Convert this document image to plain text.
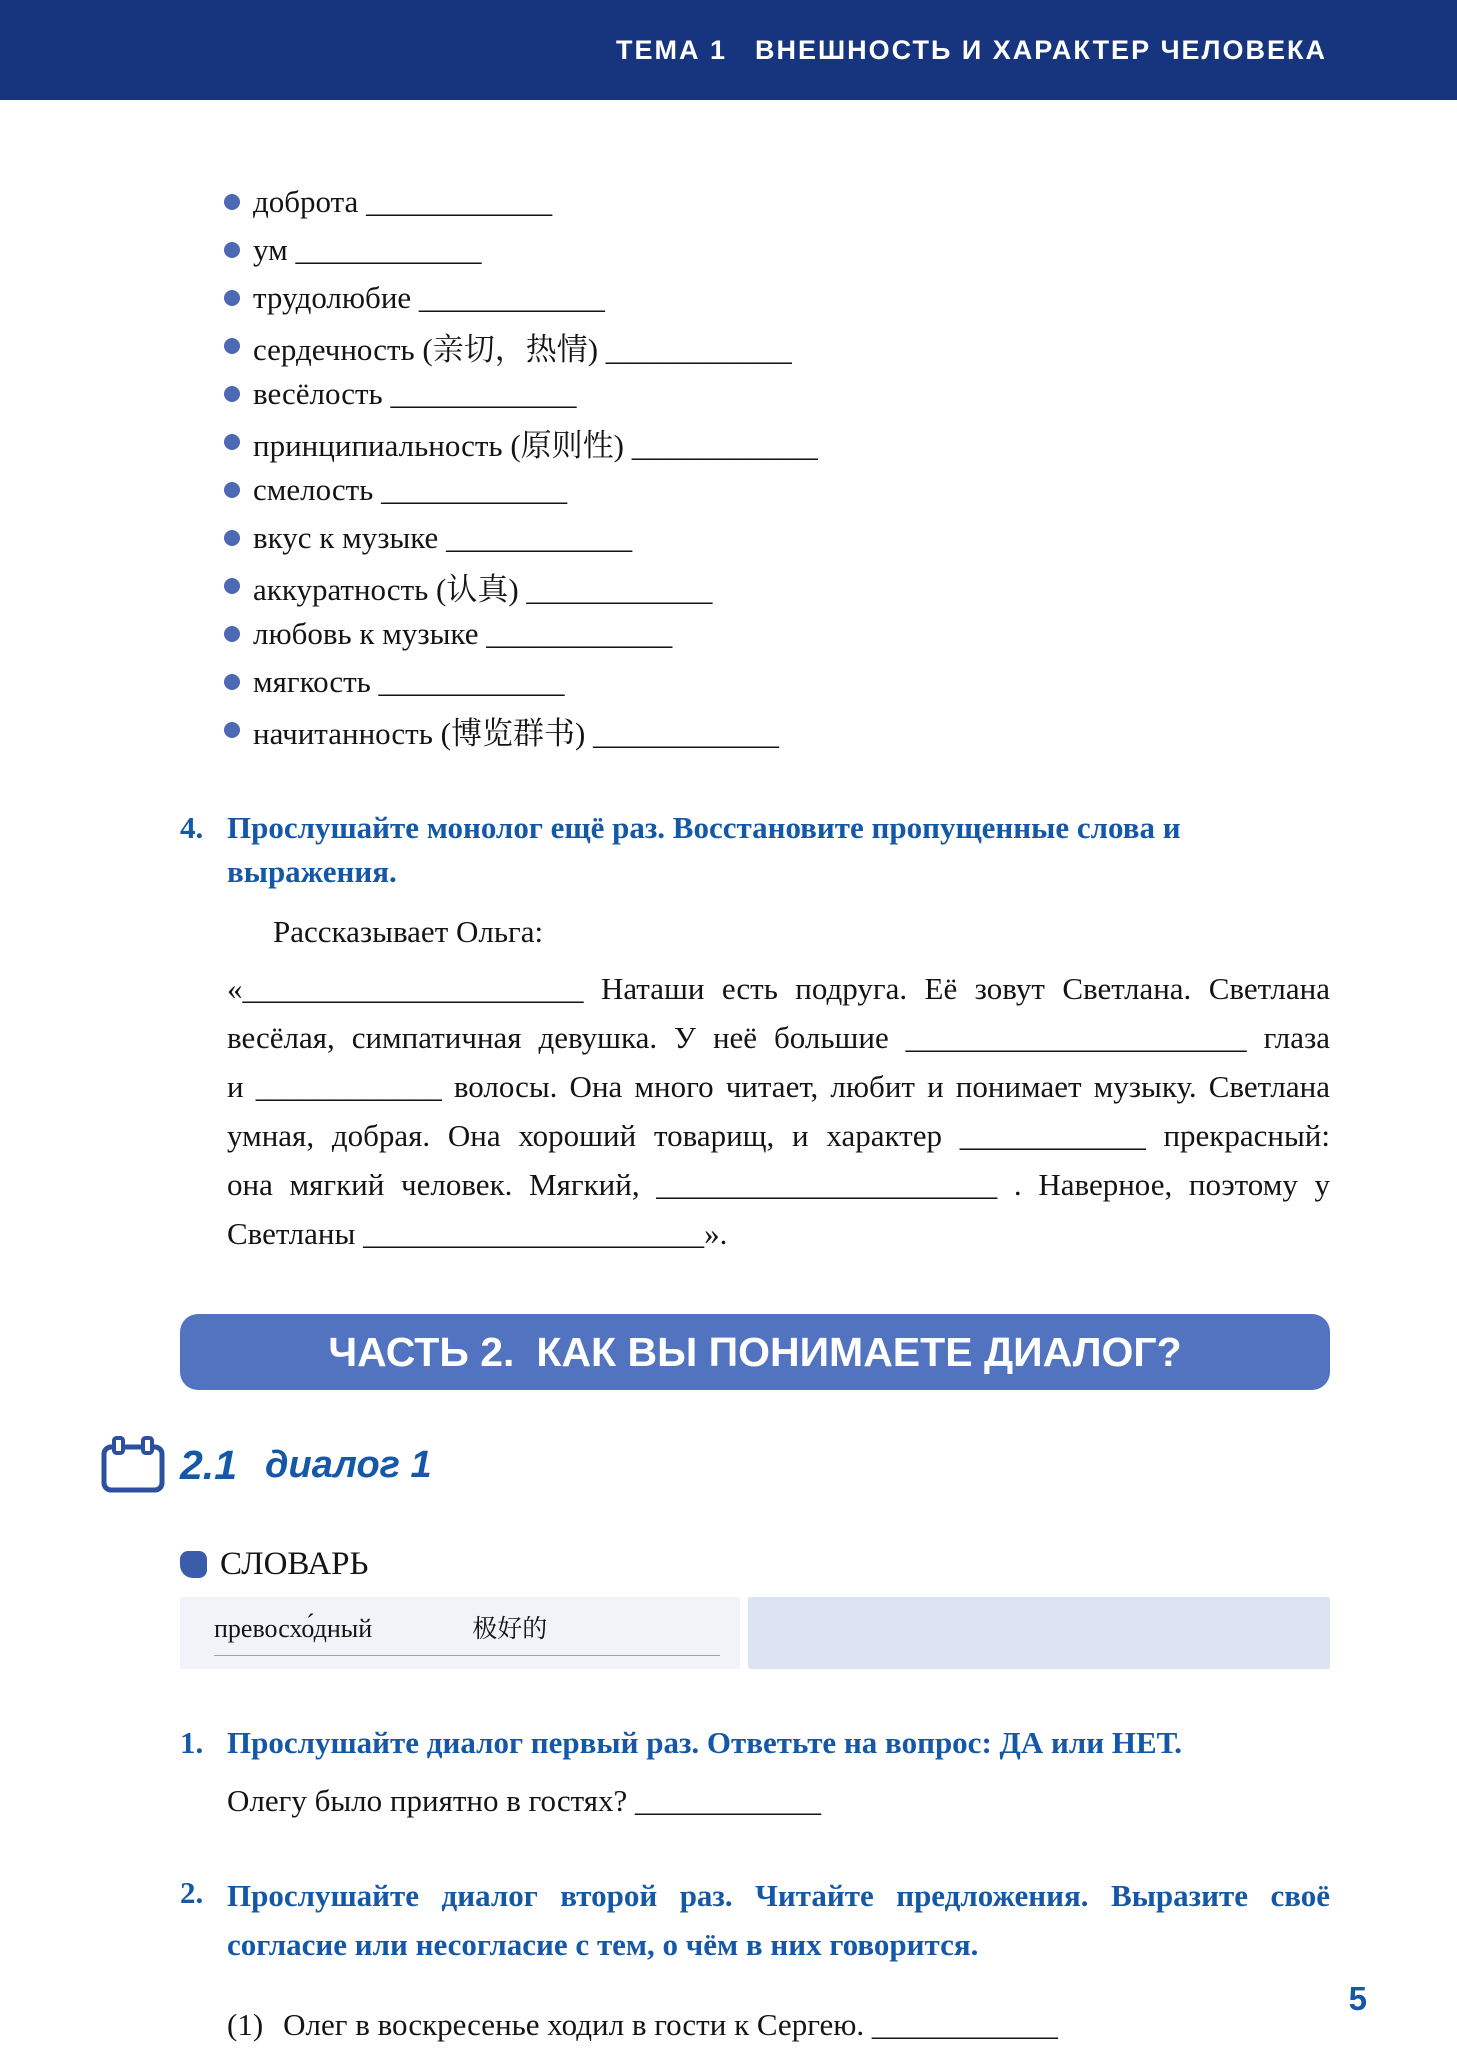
ТЕМА 1 ВНЕШНОСТЬ И ХАРАКТЕР ЧЕЛОВЕКА
доброта ____________
ум ____________
трудолюбие ____________
сердечность (亲切，热情) ____________
весёлость ____________
принципиальность (原则性) ____________
смелость ____________
вкус к музыке ____________
аккуратность (认真) ____________
любовь к музыке ____________
мягкость ____________
начитанность (博览群书) ____________
4. Прослушайте монолог ещё раз. Восстановите пропущенные слова и выражения.
Рассказывает Ольга:
«______________________ Наташи есть подруга. Её зовут Светлана. Светлана
весёлая, симпатичная девушка. У неё большие ______________________ глаза
и ____________ волосы. Она много читает, любит и понимает музыку. Светлана
умная, добрая. Она хороший товарищ, и характер ____________ прекрасный:
она мягкий человек. Мягкий, ______________________ . Наверное, поэтому у
Светланы ______________________».
ЧАСТЬ 2. КАК ВЫ ПОНИМАЕТЕ ДИАЛОГ?
2.1 диалог 1
СЛОВАРЬ
превосхо́дный	极好的
1. Прослушайте диалог первый раз. Ответьте на вопрос: ДА или НЕТ.
Олегу было приятно в гостях? ____________
2. Прослушайте диалог второй раз. Читайте предложения. Выразите своё
согласие или несогласие с тем, о чём в них говорится.
(1) Олег в воскресенье ходил в гости к Сергею. ____________
5
